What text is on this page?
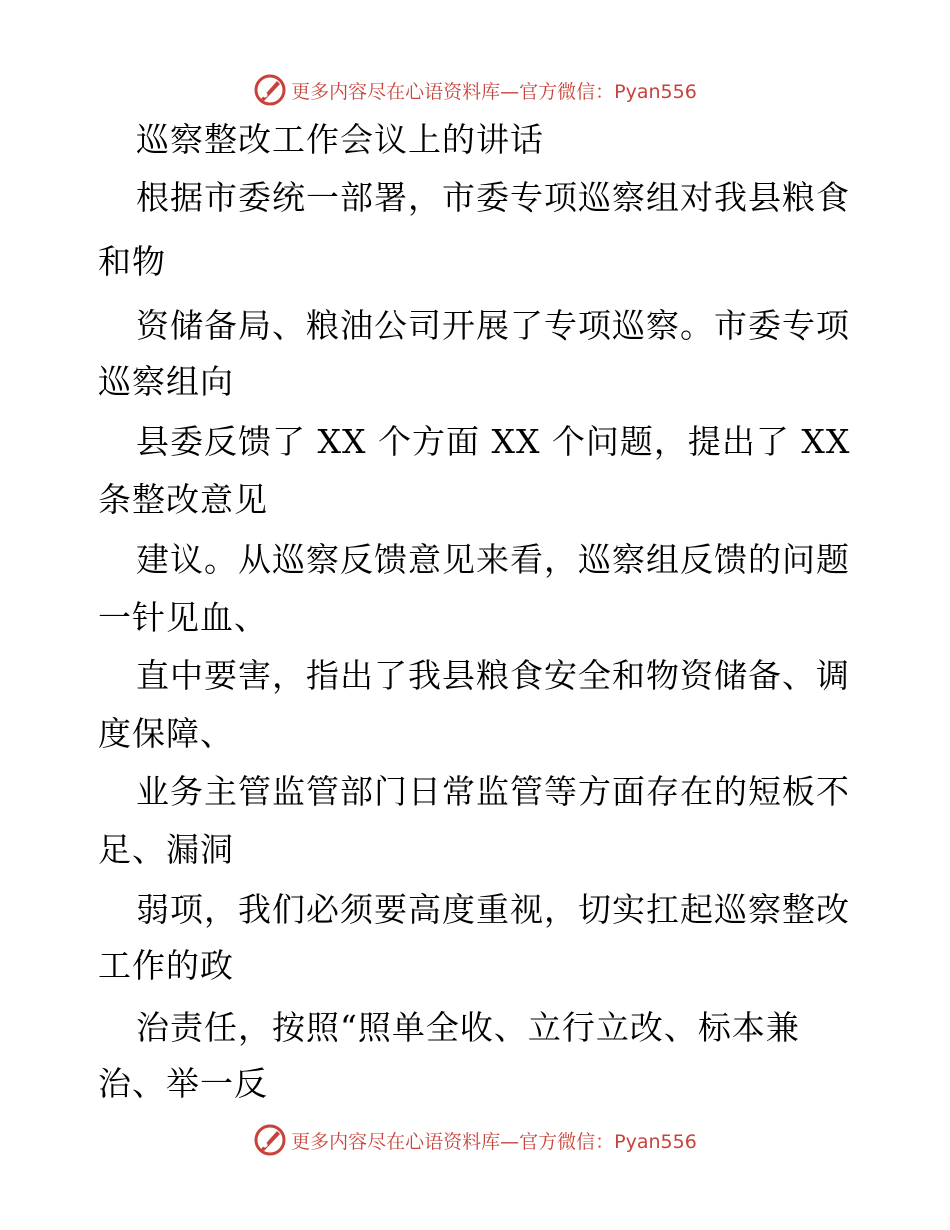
更多内容尽在心语资料库—官方微信：Pyan556
巡察整改工作会议上的讲话
根据市委统一部署，市委专项巡察组对我县粮食
和物
资储备局、粮油公司开展了专项巡察。市委专项
巡察组向
县委反馈了 XX 个方面 XX 个问题，提出了 XX
条整改意见
建议。从巡察反馈意见来看，巡察组反馈的问题
一针见血、
直中要害，指出了我县粮食安全和物资储备、调
度保障、
业务主管监管部门日常监管等方面存在的短板不
足、漏洞
弱项，我们必须要高度重视，切实扛起巡察整改
工作的政
治责任，按照“照单全收、立行立改、标本兼
治、举一反
更多内容尽在心语资料库—官方微信：Pyan556
